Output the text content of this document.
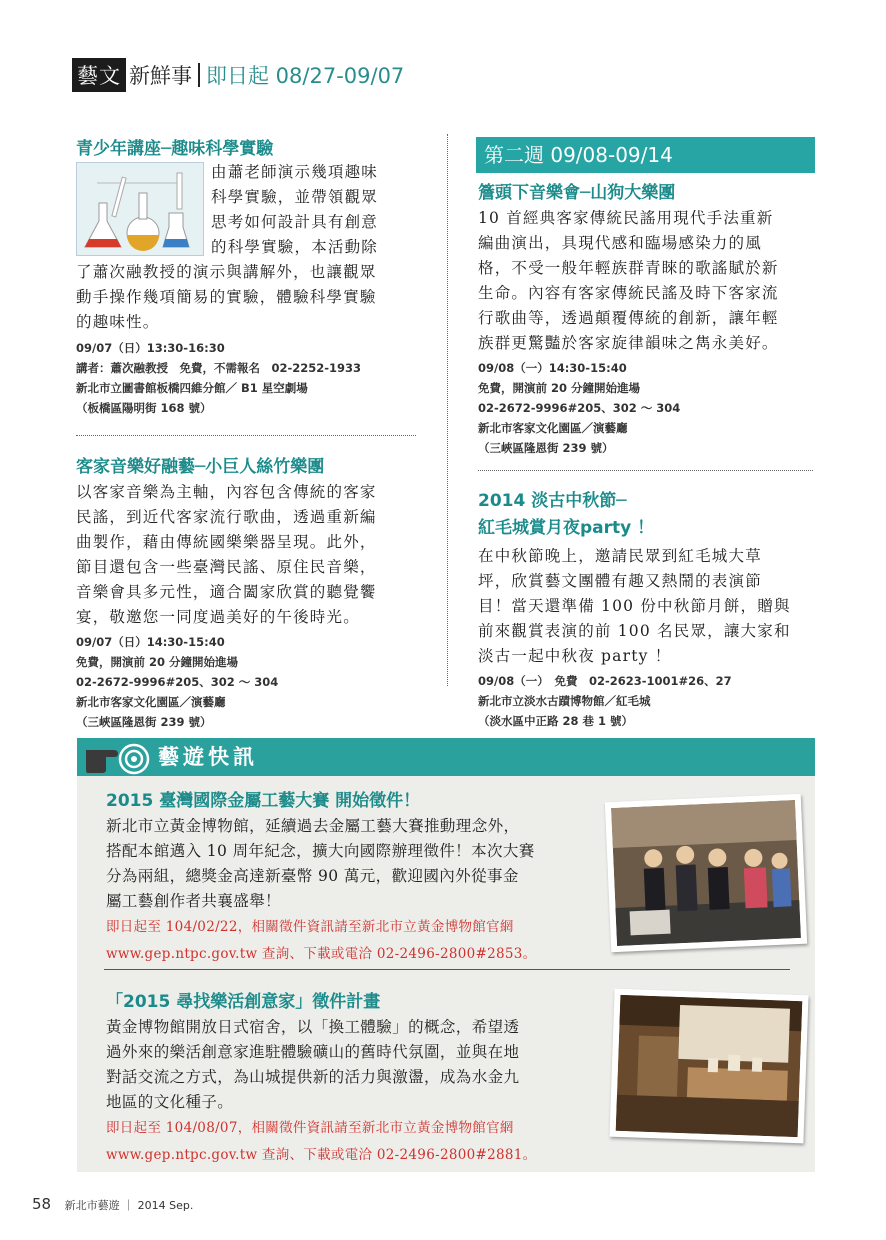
藝文 新鮮事 即日起 08/27-09/07

青少年講座─趣味科學實驗

由蕭老師演示幾項趣味

科學實驗，並帶領觀眾

思考如何設計具有創意

的科學實驗，本活動除

了蕭次融教授的演示與講解外，也讓觀眾

動手操作幾項簡易的實驗，體驗科學實驗

的趣味性。

09/07（日）13:30-16:30

講者：蕭次融教授　免費，不需報名　02-2252-1933

新北市立圖書館板橋四維分館／ B1 星空劇場

（板橋區陽明街 168 號）

客家音樂好融藝─小巨人絲竹樂團

以客家音樂為主軸，內容包含傳統的客家

民謠，到近代客家流行歌曲，透過重新編

曲製作，藉由傳統國樂樂器呈現。此外，

節目還包含一些臺灣民謠、原住民音樂，

音樂會具多元性，適合闔家欣賞的聽覺饗

宴，敬邀您一同度過美好的午後時光。

09/07（日）14:30-15:40

免費，開演前 20 分鐘開始進場

02-2672-9996#205、302 ～ 304

新北市客家文化園區／演藝廳

（三峽區隆恩街 239 號）

第二週 09/08-09/14

簷頭下音樂會─山狗大樂團

10 首經典客家傳統民謠用現代手法重新

編曲演出，具現代感和臨場感染力的風

格，不受一般年輕族群青睞的歌謠賦於新

生命。內容有客家傳統民謠及時下客家流

行歌曲等，透過顛覆傳統的創新，讓年輕

族群更驚豔於客家旋律韻味之雋永美好。

09/08（一）14:30-15:40

免費，開演前 20 分鐘開始進場

02-2672-9996#205、302 ～ 304

新北市客家文化園區／演藝廳

（三峽區隆恩街 239 號）

2014 淡古中秋節─

紅毛城賞月夜party ！

在中秋節晚上，邀請民眾到紅毛城大草

坪，欣賞藝文團體有趣又熱鬧的表演節

目！當天還準備 100 份中秋節月餅，贈與

前來觀賞表演的前 100 名民眾，讓大家和

淡古一起中秋夜 party ！

09/08（一）　免費　02-2623-1001#26、27

新北市立淡水古蹟博物館／紅毛城

（淡水區中正路 28 巷 1 號）

藝遊快訊

2015 臺灣國際金屬工藝大賽 開始徵件！

新北市立黃金博物館，延續過去金屬工藝大賽推動理念外，

搭配本館邁入 10 周年紀念，擴大向國際辦理徵件！本次大賽

分為兩組，總獎金高達新臺幣 90 萬元，歡迎國內外從事金

屬工藝創作者共襄盛舉！

即日起至 104/02/22，相關徵件資訊請至新北市立黃金博物館官網

www.gep.ntpc.gov.tw 查詢、下載或電洽 02-2496-2800#2853。

「2015 尋找樂活創意家」徵件計畫

黃金博物館開放日式宿舍，以「換工體驗」的概念，希望透

過外來的樂活創意家進駐體驗礦山的舊時代氛圍，並與在地

對話交流之方式，為山城提供新的活力與激盪，成為水金九

地區的文化種子。

即日起至 104/08/07，相關徵件資訊請至新北市立黃金博物館官網

www.gep.ntpc.gov.tw 查詢、下載或電洽 02-2496-2800#2881。

58 新北市藝遊 ｜ 2014 Sep.
